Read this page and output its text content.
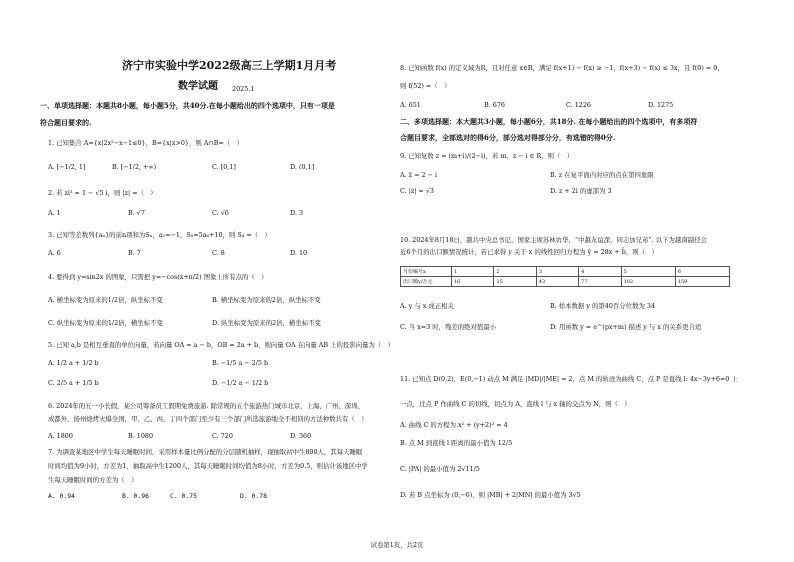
济宁市实验中学2022级高三上学期1月月考
数学试题 2025.1
一、单项选择题：本题共8小题，每小题5分，共40分.在每小题给出的四个选项中，只有一项是
符合题目要求的.
1. 已知集合 A={x|2x²−x−1≤0}，B={x|x>0}，则 A∩B=（　）
A. [−1/2, 1]	B. [−1/2, +∞)	C. [0,1]	D. (0,1]
2. 若 zi³ = 1 − √5 i，则 |z| =（　）
A. 1	B. √7	C. √6	D. 3
3. 已知等差数列{aₙ}的前n项和为Sₙ，a₁=−1，S₅=5a₆+10，则 S₄ =（　）
A. 6	B. 7	C. 8	D. 10
4. 要得到 y=sin2x 的图象，只需把 y=−cos(x+π/2) 图象上所有点的（　）
A. 横坐标变为原来的1/2倍，纵坐标不变	B. 横坐标变为原来的2倍，纵坐标不变
C. 纵坐标变为原来的1/2倍，横坐标不变	D. 纵坐标变为原来的2倍，横坐标不变
5. 已知 a,b 是相互垂直的单位向量，若向量 OA = a − b，OB = 2a + b，则向量 OA 在向量 AB 上的投影向量为（　）
A. 1/2 a + 1/2 b	B. −1/5 a − 2/5 b
C. 2/5 a + 1/5 b	D. −1/2 a − 1/2 b
6. 2024年的五一小长假，某公司筹备员工假期免费旅游. 除常规的五个旅游热门城市北京、上海、广州、深圳、
成都外，扬州烧烤火爆全国，甲、乙、丙、丁四个部门至少有三个部门所选旅游地全不相同的方法种数共有（　）
A. 1800	B. 1080	C. 720	D. 360
7. 为调查某地区中学生每天睡眠时间，采用样本量比例分配的分层随机抽样，现抽取初中生800人，其每天睡眠
时间均值为9小时，方差为1，抽取高中生1200人，其每天睡眠时间均值为8小时，方差为0.5，则估计该地区中学
生每天睡眠时间的方差为（　）
A. 0.94	B. 0.96	C. 0.75	D. 0.78
8. 已知函数 f(x) 的定义域为R，且对任意 x∈R，满足 f(x+1) − f(x) ≥ −1，f(x+3) − f(x) ≤ 3x，且 f(0) = 0，
则 f(52) =（　）
A. 651	B. 676	C. 1226	D. 1275
二、多项选择题：本大题共3小题，每小题6分，共18分. 在每小题给出的四个选项中，有多项符
合题目要求，全部选对的得6分，部分选对得部分分，有选错的得0分.
9. 已知复数 z = (m+i)/(2−i)，若 m、z − i ∈ R，则（　）
A. z̄ = 2 − i	B. z 在复平面内对应的点在第四象限
C. |z| = √3	D. z + 2i 的虚部为 3
10. 2024年8月18日，越共中央总书记，国家主席苏林访华，“中越友谊深，同志加兄弟”. 以下为越南副径会
近6个月的出口额情况统计，若已求得 y 关于 x 的线性回归方程为 ŷ = 28x + b̂，则（　）
月份编号x	1	2	3	4	5	6
出口额y/万元	16	25	43	77	102	159
A. y 与 x 成正相关	B. 样本数据 y 的第40百分位数为 34
C. 当 x=3 时，残差的绝对值最小	D. 用函数 y = e^(px+m) 描述 y 与 x 的关系更合适
11. 已知点 D(0,2)，E(0,−1) 动点 M 满足 |MD|/|ME| = 2，点 M 的轨迹为曲线 C，点 P 是直线 l: 4x−3y+6=0 上
一点，过点 P 作曲线 C 的切线，切点为 A，直线 l 与 x 轴的交点为 N，则（　）
A. 曲线 C 的方程为 x² + (y+2)² = 4
B. 点 M 到直线 l 距离的最小值为 12/5
C. |PA| 的最小值为 2√11/5
D. 若 B 点坐标为 (0,−6)，则 |MB| + 2|MN| 的最小值为 3√5
试卷第1页，共2页
